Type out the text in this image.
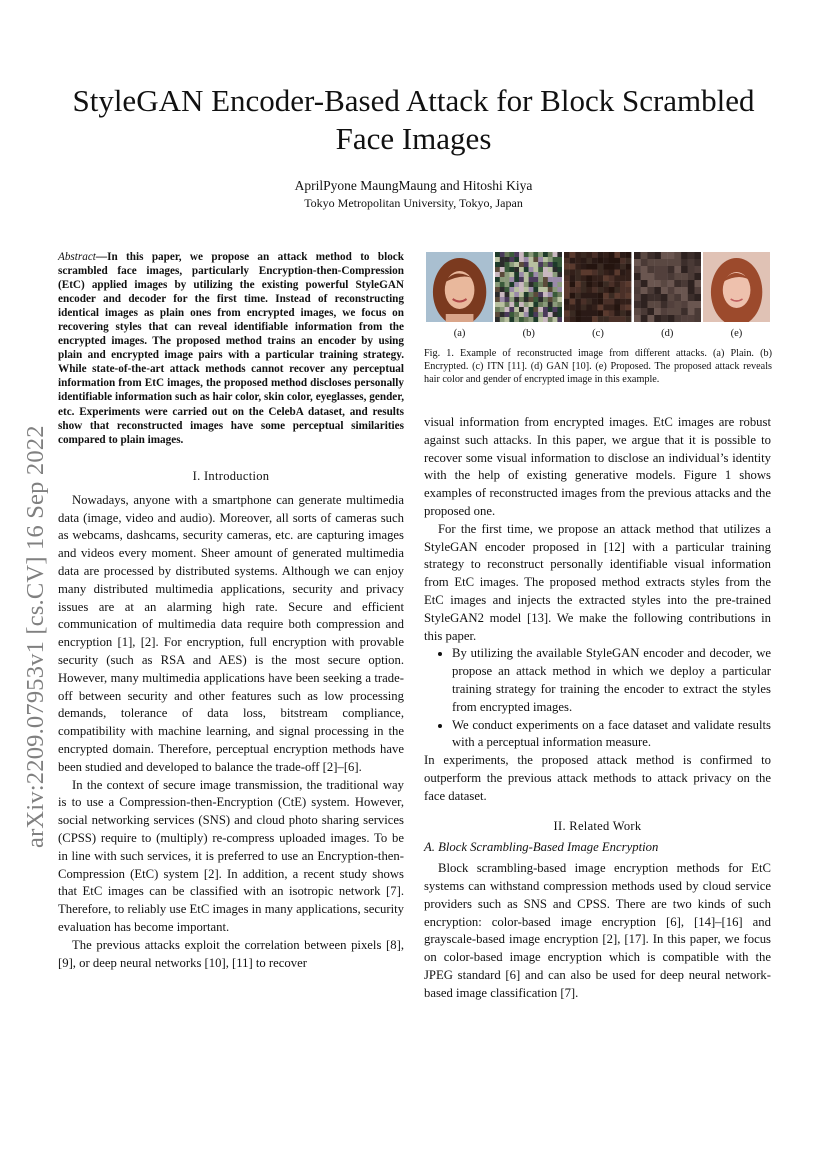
arXiv:2209.07953v1 [cs.CV] 16 Sep 2022
StyleGAN Encoder-Based Attack for Block Scrambled Face Images
AprilPyone MaungMaung and Hitoshi Kiya
Tokyo Metropolitan University, Tokyo, Japan
Abstract—In this paper, we propose an attack method to block scrambled face images, particularly Encryption-then-Compression (EtC) applied images by utilizing the existing powerful StyleGAN encoder and decoder for the first time. Instead of reconstructing identical images as plain ones from encrypted images, we focus on recovering styles that can reveal identifiable information from the encrypted images. The proposed method trains an encoder by using plain and encrypted image pairs with a particular training strategy. While state-of-the-art attack methods cannot recover any perceptual information from EtC images, the proposed method discloses personally identifiable information such as hair color, skin color, eyeglasses, gender, etc. Experiments were carried out on the CelebA dataset, and results show that reconstructed images have some perceptual similarities compared to plain images.
(a)	(b)	(c)	(d)	(e)
Fig. 1. Example of reconstructed image from different attacks. (a) Plain. (b) Encrypted. (c) ITN [11]. (d) GAN [10]. (e) Proposed. The proposed attack reveals hair color and gender of encrypted image in this example.

I. Introduction

Nowadays, anyone with a smartphone can generate multimedia data (image, video and audio). Moreover, all sorts of cameras such as webcams, dashcams, security cameras, etc. are capturing images and videos every moment. Sheer amount of generated multimedia data are processed by distributed systems. Although we can enjoy many distributed multimedia applications, security and privacy issues are at an alarming high rate. Secure and efficient communication of multimedia data require both compression and encryption [1], [2]. For encryption, full encryption with provable security (such as RSA and AES) is the most secure option. However, many multimedia applications have been seeking a trade-off between security and other features such as low processing demands, tolerance of data loss, bitstream compliance, compatibility with machine learning, and signal processing in the encrypted domain. Therefore, perceptual encryption methods have been studied and developed to balance the trade-off [2]–[6].

In the context of secure image transmission, the traditional way is to use a Compression-then-Encryption (CtE) system. However, social networking services (SNS) and cloud photo sharing services (CPSS) require to (multiply) re-compress uploaded images. To be in line with such services, it is preferred to use an Encryption-then-Compression (EtC) system [2]. In addition, a recent study shows that EtC images can be classified with an isotropic network [7]. Therefore, to reliably use EtC images in many applications, security evaluation has become important.

The previous attacks exploit the correlation between pixels [8], [9], or deep neural networks [10], [11] to recover

visual information from encrypted images. EtC images are robust against such attacks. In this paper, we argue that it is possible to recover some visual information to disclose an individual’s identity with the help of existing generative models. Figure 1 shows examples of reconstructed images from the previous attacks and the proposed one.

For the first time, we propose an attack method that utilizes a StyleGAN encoder proposed in [12] with a particular training strategy to reconstruct personally identifiable visual information from EtC images. The proposed method extracts styles from the EtC images and injects the extracted styles into the pre-trained StyleGAN2 model [13]. We make the following contributions in this paper.

• By utilizing the available StyleGAN encoder and decoder, we propose an attack method in which we deploy a particular training strategy for training the encoder to extract the styles from encrypted images.
• We conduct experiments on a face dataset and validate results with a perceptual information measure.

In experiments, the proposed attack method is confirmed to outperform the previous attack methods to attack privacy on the face dataset.

II. Related Work

A. Block Scrambling-Based Image Encryption

Block scrambling-based image encryption methods for EtC systems can withstand compression methods used by cloud service providers such as SNS and CPSS. There are two kinds of such encryption: color-based image encryption [6], [14]–[16] and grayscale-based image encryption [2], [17]. In this paper, we focus on color-based image encryption which is compatible with the JPEG standard [6] and can also be used for deep neural network-based image classification [7].
